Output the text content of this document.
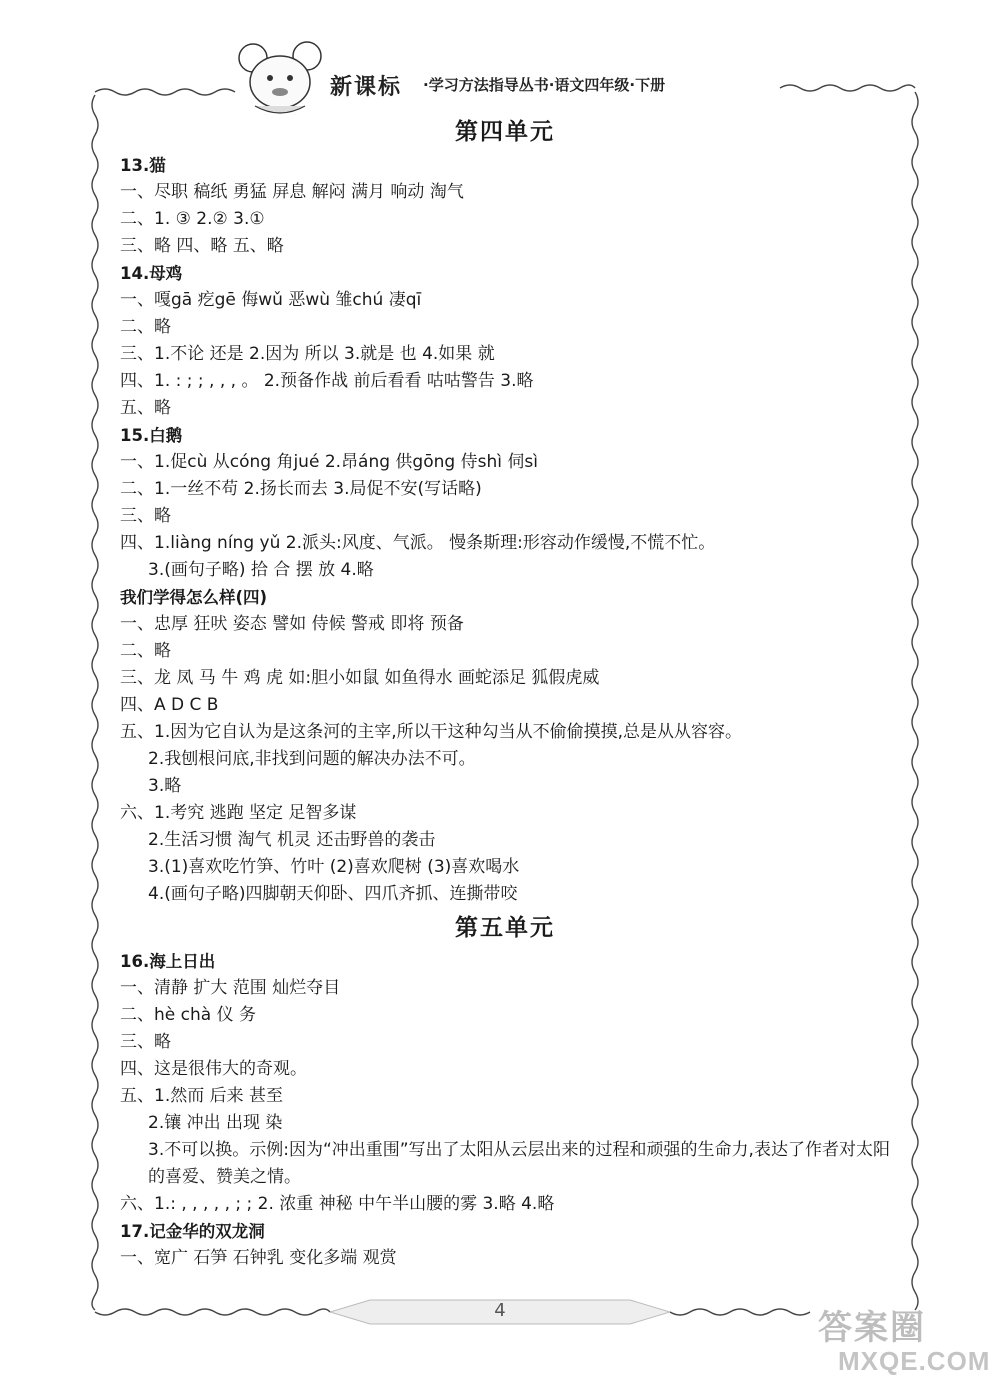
新课标 ·学习方法指导丛书·语文四年级·下册
第四单元
13.猫
一、尽职 稿纸 勇猛 屏息 解闷 满月 响动 淘气
二、1. ③ 2.② 3.①
三、略 四、略 五、略
14.母鸡
一、嘎gā 疙gē 侮wǔ 恶wù 雏chú 凄qī
二、略
三、1.不论 还是 2.因为 所以 3.就是 也 4.如果 就
四、1. : ; ; , , , 。 2.预备作战 前后看看 咕咕警告 3.略
五、略
15.白鹅
一、1.促cù 从cóng 角jué 2.昂áng 供gōng 侍shì 伺sì
二、1.一丝不苟 2.扬长而去 3.局促不安(写话略)
三、略
四、1.liàng níng yǔ 2.派头:风度、气派。 慢条斯理:形容动作缓慢,不慌不忙。
3.(画句子略) 拾 合 摆 放 4.略
我们学得怎么样(四)
一、忠厚 狂吠 姿态 譬如 侍候 警戒 即将 预备
二、略
三、龙 凤 马 牛 鸡 虎 如:胆小如鼠 如鱼得水 画蛇添足 狐假虎威
四、A D C B
五、1.因为它自认为是这条河的主宰,所以干这种勾当从不偷偷摸摸,总是从从容容。
2.我刨根问底,非找到问题的解决办法不可。
3.略
六、1.考究 逃跑 坚定 足智多谋
2.生活习惯 淘气 机灵 还击野兽的袭击
3.(1)喜欢吃竹笋、竹叶 (2)喜欢爬树 (3)喜欢喝水
4.(画句子略)四脚朝天仰卧、四爪齐抓、连撕带咬
第五单元
16.海上日出
一、清静 扩大 范围 灿烂夺目
二、hè chà 仪 务
三、略
四、这是很伟大的奇观。
五、1.然而 后来 甚至
2.镶 冲出 出现 染
3.不可以换。示例:因为“冲出重围”写出了太阳从云层出来的过程和顽强的生命力,表达了作者对太阳的喜爱、赞美之情。
六、1.: , , , , , ; ; 2. 浓重 神秘 中午半山腰的雾 3.略 4.略
17.记金华的双龙洞
一、宽广 石笋 石钟乳 变化多端 观赏
4	答案圈
MXQE.COM
